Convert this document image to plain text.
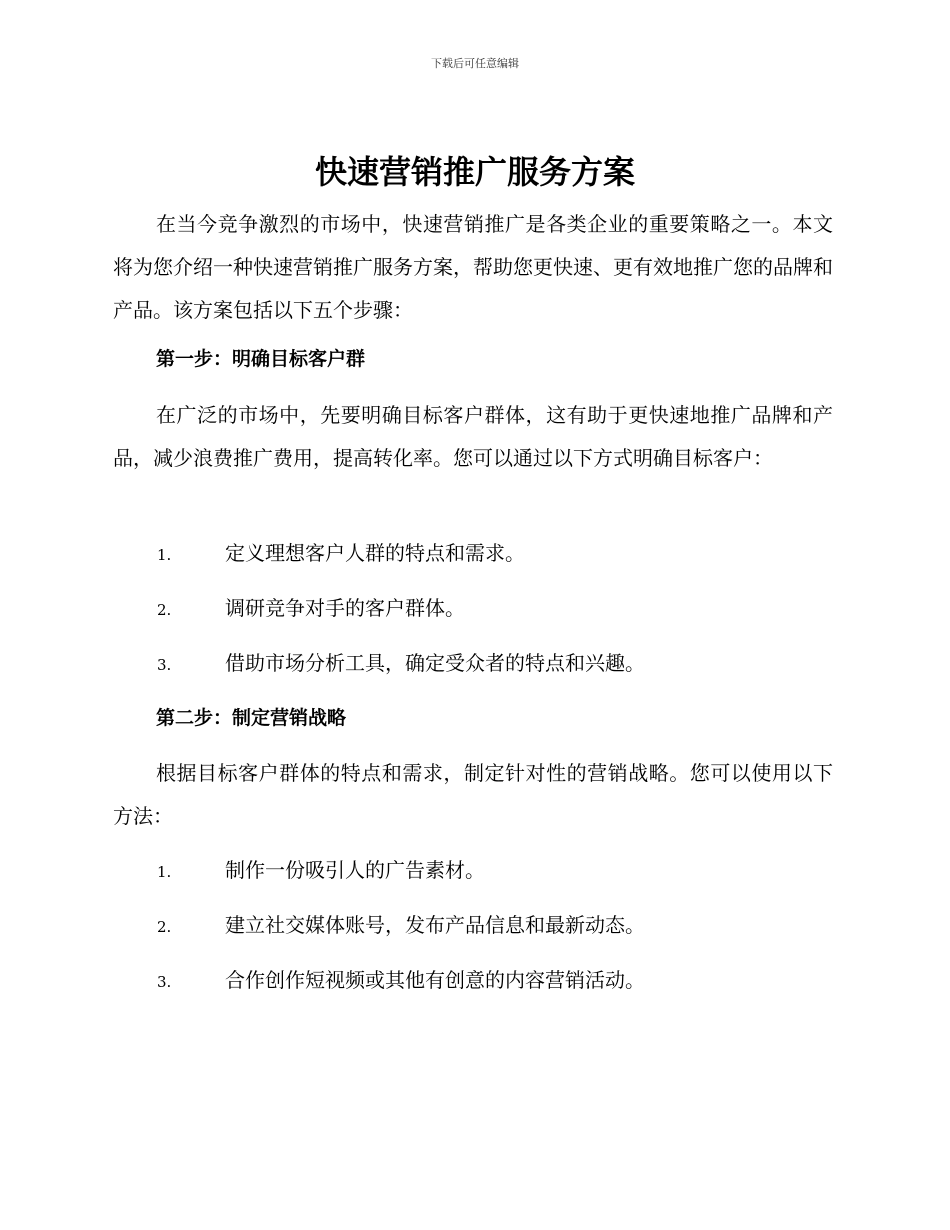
下载后可任意编辑
快速营销推广服务方案

在当今竞争激烈的市场中，快速营销推广是各类企业的重要策略之一。本文将为您介绍一种快速营销推广服务方案，帮助您更快速、更有效地推广您的品牌和产品。该方案包括以下五个步骤：

第一步：明确目标客户群

在广泛的市场中，先要明确目标客户群体，这有助于更快速地推广品牌和产品，减少浪费推广费用，提高转化率。您可以通过以下方式明确目标客户：

1.	定义理想客户人群的特点和需求。
2.	调研竞争对手的客户群体。
3.	借助市场分析工具，确定受众者的特点和兴趣。

第二步：制定营销战略

根据目标客户群体的特点和需求，制定针对性的营销战略。您可以使用以下方法：

1.	制作一份吸引人的广告素材。
2.	建立社交媒体账号，发布产品信息和最新动态。
3.	合作创作短视频或其他有创意的内容营销活动。
